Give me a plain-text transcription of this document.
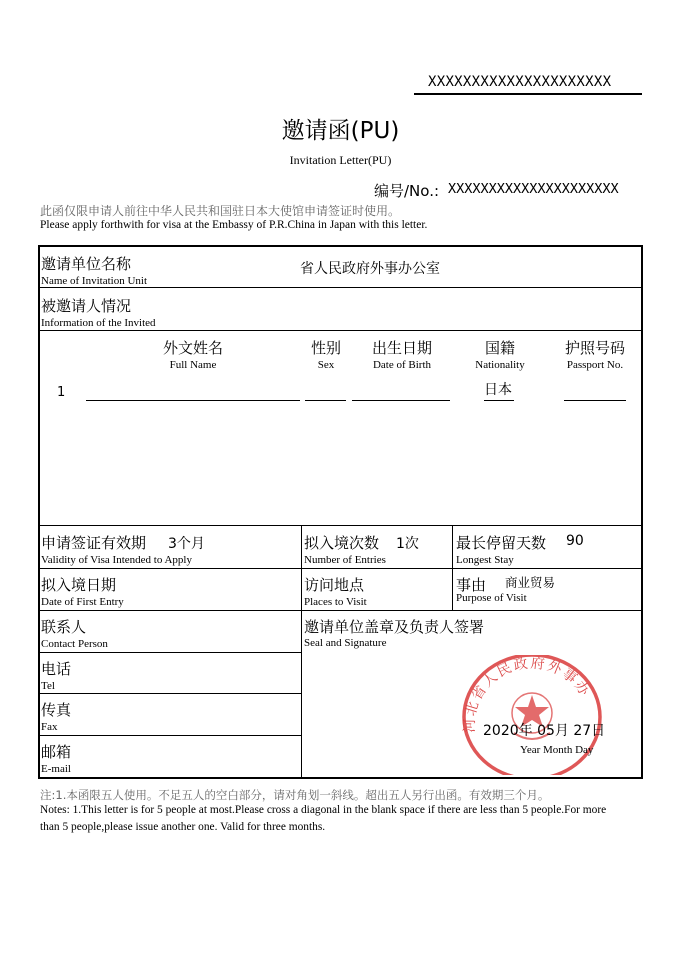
XXXXXXXXXXXXXXXXXXXXX
邀请函(PU)
Invitation Letter(PU)
编号/No.: XXXXXXXXXXXXXXXXXXXXX
此函仅限申请人前往中华人民共和国驻日本大使馆申请签证时使用。
Please apply forthwith for visa at the Embassy of P.R.China in Japan with this letter.
邀请单位名称
Name of Invitation Unit
省人民政府外事办公室
被邀请人情况
Information of the Invited
外文姓名
Full Name
性别
Sex
出生日期
Date of Birth
国籍
Nationality
护照号码
Passport No.
1	日本
申请签证有效期 3个月
Validity of Visa Intended to Apply
拟入境次数 1次
Number of Entries
最长停留天数 90
Longest Stay
拟入境日期
Date of First Entry
访问地点
Places to Visit
事由 商业贸易
Purpose of Visit
联系人
Contact Person
电话
Tel
传真
Fax
邮箱
E-mail
邀请单位盖章及负责人签署
Seal and Signature
河北省人民政府外事办
2020年 05月 27日
Year Month Day
注:1.本函限五人使用。不足五人的空白部分，请对角划一斜线。超出五人另行出函。有效期三个月。
Notes: 1.This letter is for 5 people at most.Please cross a diagonal in the blank space if there are less than 5 people.For more
than 5 people,please issue another one. Valid for three months.
